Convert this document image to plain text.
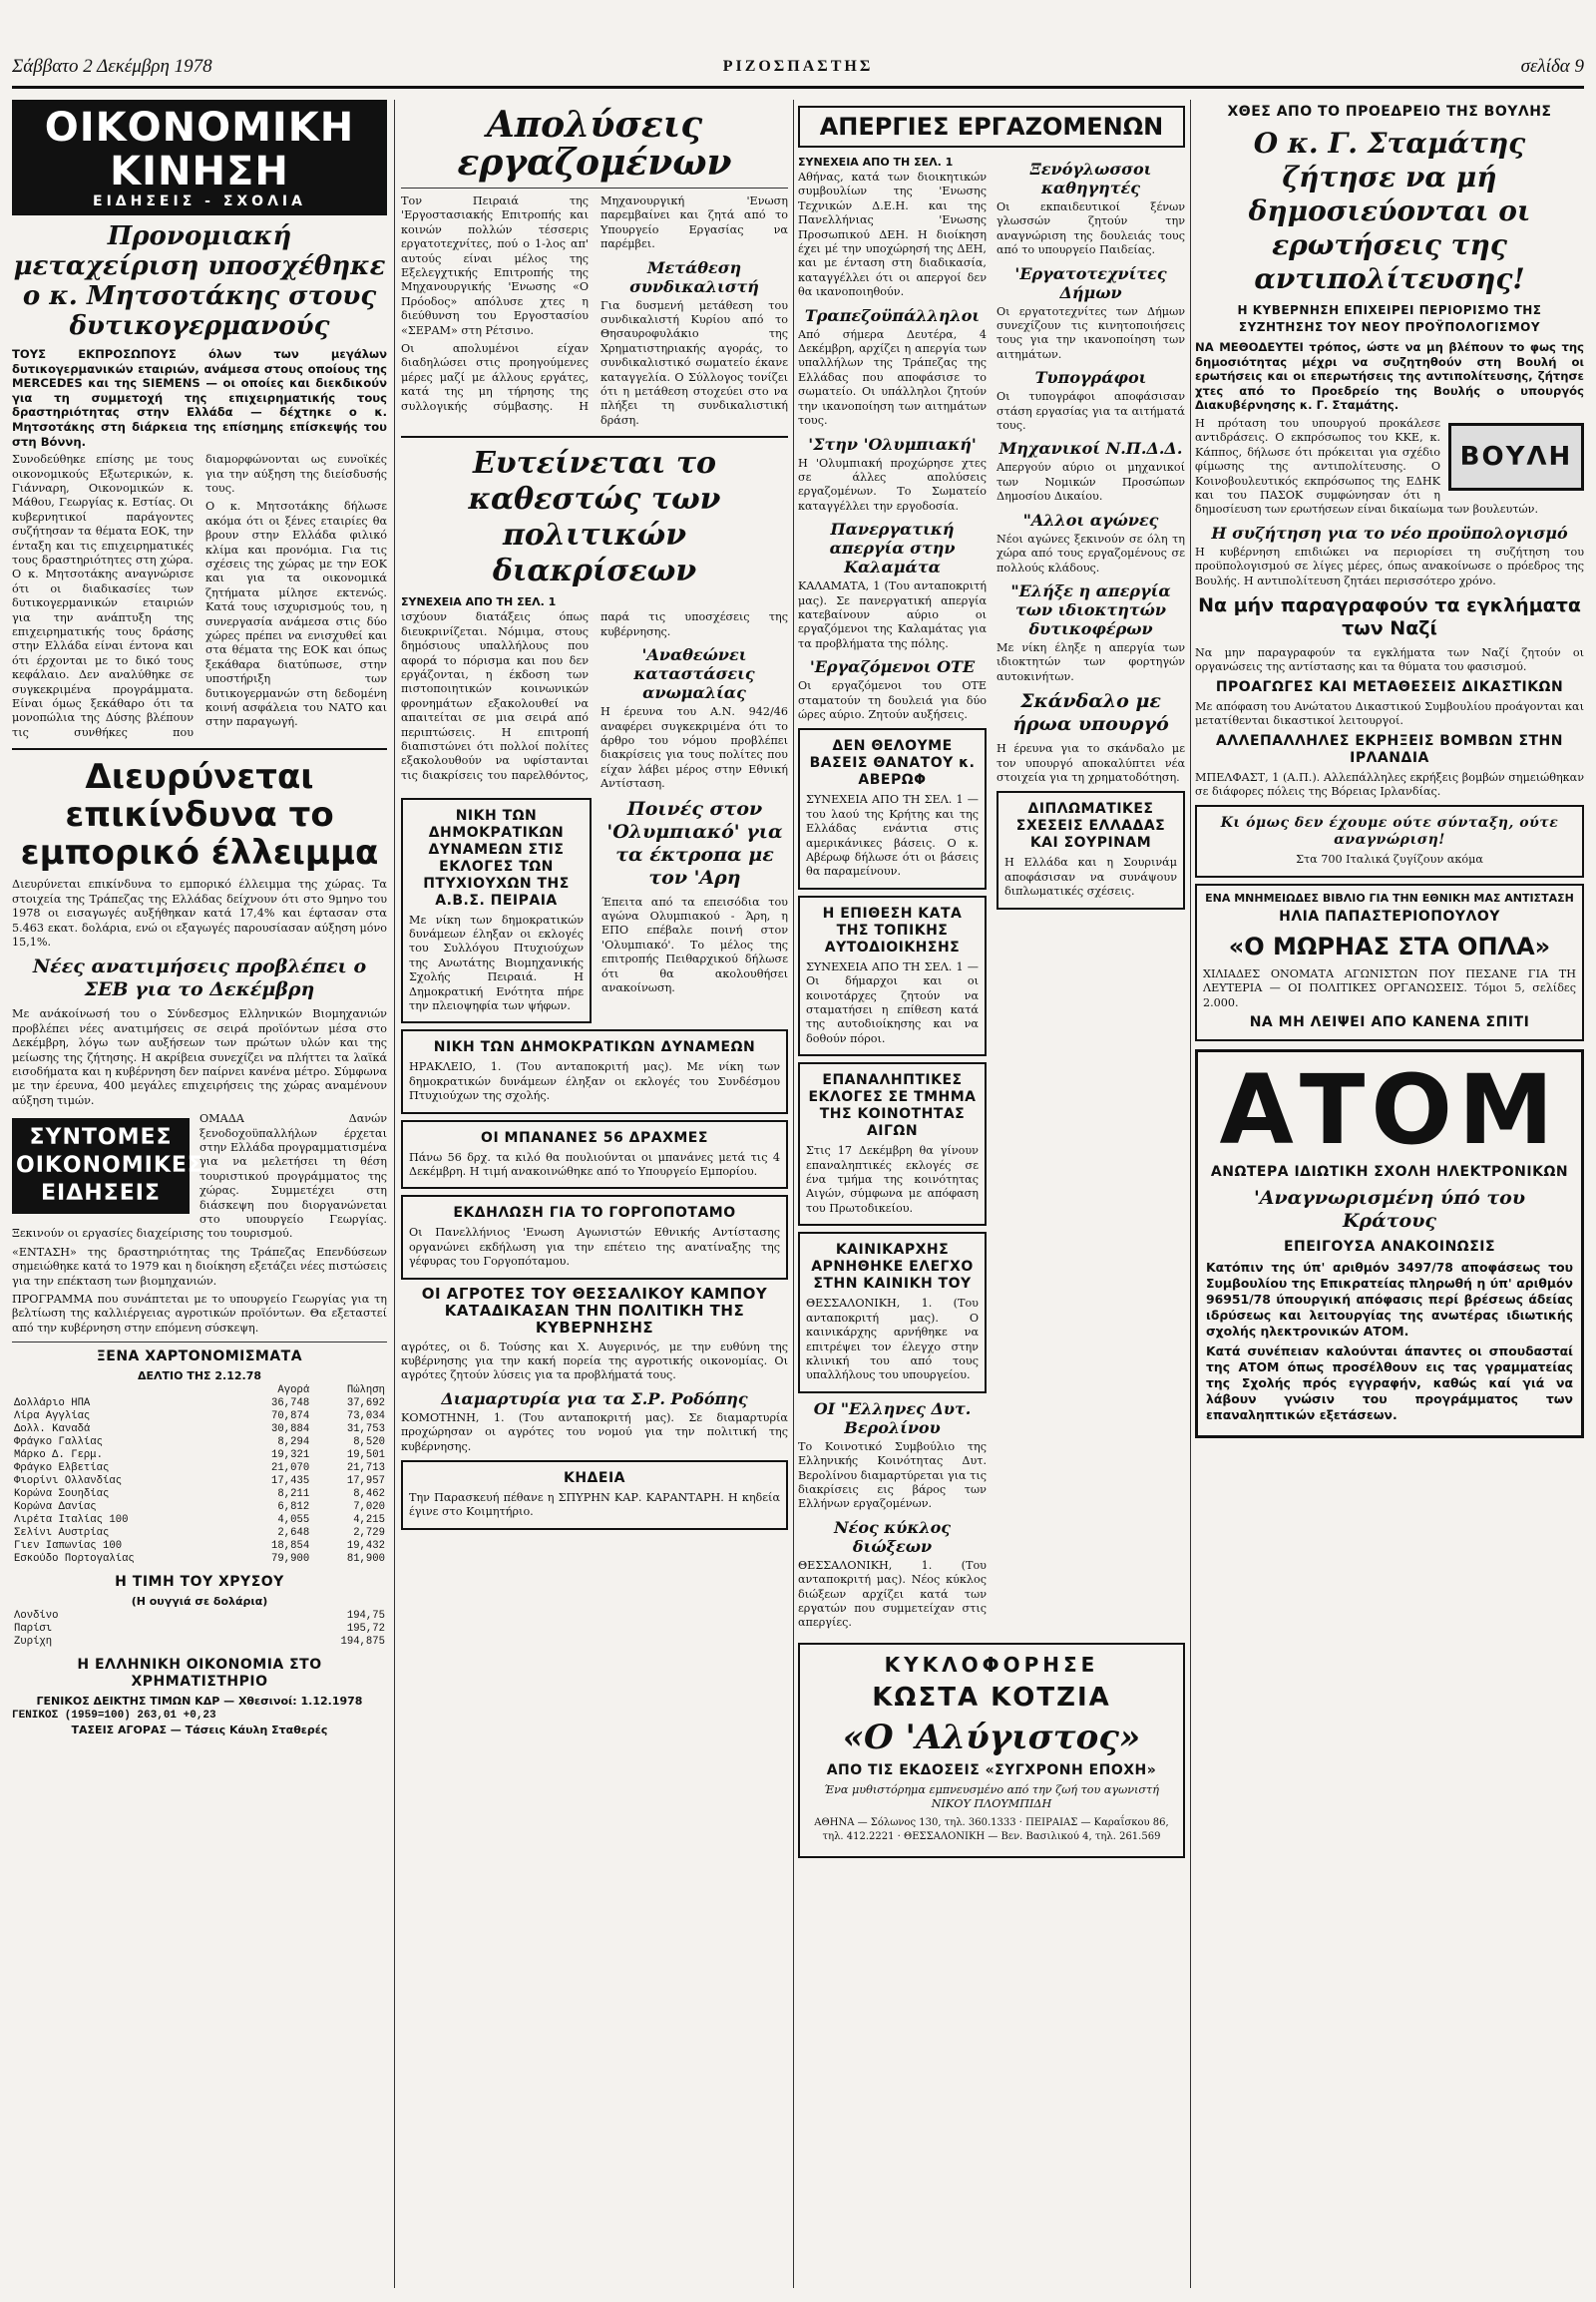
Σάββατο 2 Δεκέμβρη 1978	ΡΙΖΟΣΠΑΣΤΗΣ	σελίδα 9
ΟΙΚΟΝΟΜΙΚΗ ΚΙΝΗΣΗ
ΕΙΔΗΣΕΙΣ - ΣΧΟΛΙΑ
Προνομιακή μεταχείριση υποσχέθηκε ο κ. Μητσοτάκης στους δυτικογερμανούς

ΤΟΥΣ ΕΚΠΡΟΣΩΠΟΥΣ όλων των μεγάλων δυτικογερμανικών εταιριών, ανάμεσα στους οποίους της MERCEDES και της SIEMENS — οι οποίες και διεκδικούν για τη συμμετοχή της επιχειρηματικής τους δραστηριότητας στην Ελλάδα — δέχτηκε ο κ. Μητσοτάκης στη διάρκεια της επίσημης επίσκεψής του στη Βόννη.

Συνοδεύθηκε επίσης με τους οικονομικούς Εξωτερικών, κ. Γιάνναρη, Οικονομικών κ. Μάθου, Γεωργίας κ. Εστίας. Οι κυβερνητικοί παράγοντες συζήτησαν τα θέματα ΕΟΚ, την ένταξη και τις επιχειρηματικές τους δραστηριότητες στη χώρα. Ο κ. Μητσοτάκης αναγνώρισε ότι οι διαδικασίες των δυτικογερμανικών εταιριών για την ανάπτυξη της επιχειρηματικής τους δράσης στην Ελλάδα είναι έντονα και ότι έρχονται με το δικό τους κεφάλαιο. Δεν αναλύθηκε σε συγκεκριμένα προγράμματα. Είναι όμως ξεκάθαρο ότι τα μονοπώλια της Δύσης βλέπουν τις συνθήκες που διαμορφώνονται ως ευνοϊκές για την αύξηση της διείσδυσής τους.

Ο κ. Μητσοτάκης δήλωσε ακόμα ότι οι ξένες εταιρίες θα βρουν στην Ελλάδα φιλικό κλίμα και προνόμια. Για τις σχέσεις της χώρας με την ΕΟΚ και για τα οικονομικά ζητήματα μίλησε εκτενώς. Κατά τους ισχυρισμούς του, η συνεργασία ανάμεσα στις δύο χώρες πρέπει να ενισχυθεί και στα θέματα της ΕΟΚ και όπως ξεκάθαρα διατύπωσε, στην υποστήριξη των δυτικογερμανών στη δεδομένη κοινή ασφάλεια του ΝΑΤΟ και στην παραγωγή.

Διευρύνεται επικίνδυνα το εμπορικό έλλειμμα

Διευρύνεται επικίνδυνα το εμπορικό έλλειμμα της χώρας. Τα στοιχεία της Τράπεζας της Ελλάδας δείχνουν ότι στο 9μηνο του 1978 οι εισαγωγές αυξήθηκαν κατά 17,4% και έφτασαν στα 5.463 εκατ. δολάρια, ενώ οι εξαγωγές παρουσίασαν αύξηση μόνο 15,1%.

Νέες ανατιμήσεις προβλέπει ο ΣΕΒ για το Δεκέμβρη

Με ανάκοίνωσή του ο Σύνδεσμος Ελληνικών Βιομηχανιών προβλέπει νέες ανατιμήσεις σε σειρά προϊόντων μέσα στο Δεκέμβρη, λόγω των αυξήσεων των πρώτων υλών και της μείωσης της ζήτησης. Η ακρίβεια συνεχίζει να πλήττει τα λαϊκά εισοδήματα και η κυβέρνηση δεν παίρνει κανένα μέτρο. Σύμφωνα με την έρευνα, 400 μεγάλες επιχειρήσεις της χώρας αναμένουν αύξηση τιμών.

ΣΥΝΤΟΜΕΣ ΟΙΚΟΝΟΜΙΚΕΣ ΕΙΔΗΣΕΙΣ

ΟΜΑΔΑ Δανών ξενοδοχοϋπαλλήλων έρχεται στην Ελλάδα προγραμματισμένα για να μελετήσει τη θέση τουριστικού προγράμματος της χώρας. Συμμετέχει στη διάσκεψη που διοργανώνεται στο υπουργείο Γεωργίας. Ξεκινούν οι εργασίες διαχείρισης του τουρισμού.

«ΕΝΤΑΣΗ» της δραστηριότητας της Τράπεζας Επενδύσεων σημειώθηκε κατά το 1979 και η διοίκηση εξετάζει νέες πιστώσεις για την επέκταση των βιομηχανιών.

ΠΡΟΓΡΑΜΜΑ που συνάπτεται με το υπουργείο Γεωργίας για τη βελτίωση της καλλιέργειας αγροτικών προϊόντων. Θα εξεταστεί από την κυβέρνηση στην επόμενη σύσκεψη.

ΞΕΝΑ ΧΑΡΤΟΝΟΜΙΣΜΑΤΑ
ΔΕΛΤΙΟ ΤΗΣ 2.12.78
	Αγορά	Πώληση
Δολλάριο ΗΠΑ	36,748	37,692
Λίρα Αγγλίας	70,874	73,034
Δολλ. Καναδά	30,884	31,753
Φράγκο Γαλλίας	8,294	8,520
Μάρκο Δ. Γερμ.	19,321	19,501
Φράγκο Ελβετίας	21,070	21,713
Φιορίνι Ολλανδίας	17,435	17,957
Κορώνα Σουηδίας	8,211	8,462
Κορώνα Δανίας	6,812	7,020
Λιρέτα Ιταλίας 100	4,055	4,215
Σελίνι Αυστρίας	2,648	2,729
Γιεν Ιαπωνίας 100	18,854	19,432
Εσκούδο Πορτογαλίας	79,900	81,900
Η ΤΙΜΗ ΤΟΥ ΧΡΥΣΟΥ
(Η ουγγιά σε δολάρια)
Λονδίνο	194,75
Παρίσι	195,72
Ζυρίχη	194,875
Η ΕΛΛΗΝΙΚΗ ΟΙΚΟΝΟΜΙΑ ΣΤΟ ΧΡΗΜΑΤΙΣΤΗΡΙΟ
ΓΕΝΙΚΟΣ ΔΕΙΚΤΗΣ ΤΙΜΩΝ ΚΔΡ — Χθεσινοί: 1.12.1978
ΓΕΝΙΚΟΣ (1959=100) 263,01 +0,23
ΤΑΣΕΙΣ ΑΓΟΡΑΣ — Τάσεις Κάυλη Σταθερές
Απολύσεις εργαζομένων

Τον Πειραιά της 'Εργοστασιακής Επιτροπής και κοινών πολλών τέσσερις εργατοτεχνίτες, πού ο 1-λος απ' αυτούς είναι μέλος της Εξελεγχτικής Επιτροπής της Μηχανουργικής 'Ενωσης «Ο Πρόοδος» απόλυσε χτες η διεύθυνση του Εργοστασίου «ΣΕΡΑΜ» στη Ρέτσινο.

Οι απολυμένοι είχαν διαδηλώσει στις προηγούμενες μέρες μαζί με άλλους εργάτες, κατά της μη τήρησης της συλλογικής σύμβασης. Η Μηχανουργική 'Ενωση παρεμβαίνει και ζητά από το Υπουργείο Εργασίας να παρέμβει.

Μετάθεση συνδικαλιστή

Για δυσμενή μετάθεση του συνδικαλιστή Κυρίου από το Θησαυροφυλάκιο της Χρηματιστηριακής αγοράς, το συνδικαλιστικό σωματείο έκανε καταγγελία. Ο Σύλλογος τονίζει ότι η μετάθεση στοχεύει στο να πλήξει τη συνδικαλιστική δράση.

Ευτείνεται το καθεστώς των πολιτικών διακρίσεων
ΣΥΝΕΧΕΙΑ ΑΠΟ ΤΗ ΣΕΛ. 1

ισχύουν διατάξεις όπως διευκρινίζεται. Νόμιμα, στους δημόσιους υπαλλήλους που αφορά το πόρισμα και που δεν εργάζονται, η έκδοση των πιστοποιητικών κοινωνικών φρονημάτων εξακολουθεί να απαιτείται σε μια σειρά από περιπτώσεις. Η επιτροπή διαπιστώνει ότι πολλοί πολίτες εξακολουθούν να υφίστανται τις διακρίσεις του παρελθόντος, παρά τις υποσχέσεις της κυβέρνησης.

'Αναθεώνει καταστάσεις ανωμαλίας

Η έρευνα του Α.Ν. 942/46 αναφέρει συγκεκριμένα ότι το άρθρο του νόμου προβλέπει διακρίσεις για τους πολίτες που είχαν λάβει μέρος στην Εθνική Αντίσταση.

ΝΙΚΗ ΤΩΝ ΔΗΜΟΚΡΑΤΙΚΩΝ ΔΥΝΑΜΕΩΝ ΣΤΙΣ ΕΚΛΟΓΕΣ ΤΩΝ ΠΤΥΧΙΟΥΧΩΝ ΤΗΣ Α.Β.Σ. ΠΕΙΡΑΙΑ

Με νίκη των δημοκρατικών δυνάμεων έληξαν οι εκλογές του Συλλόγου Πτυχιούχων της Ανωτάτης Βιομηχανικής Σχολής Πειραιά. Η Δημοκρατική Ενότητα πήρε την πλειοψηφία των ψήφων.

Ποινές στον 'Ολυμπιακό' για τα έκτροπα με τον 'Αρη

Έπειτα από τα επεισόδια του αγώνα Ολυμπιακού - Άρη, η ΕΠΟ επέβαλε ποινή στον 'Ολυμπιακό'. Το μέλος της επιτροπής Πειθαρχικού δήλωσε ότι θα ακολουθήσει ανακοίνωση.

ΝΙΚΗ ΤΩΝ ΔΗΜΟΚΡΑΤΙΚΩΝ ΔΥΝΑΜΕΩΝ

ΗΡΑΚΛΕΙΟ, 1. (Του ανταποκριτή μας). Με νίκη των δημοκρατικών δυνάμεων έληξαν οι εκλογές του Συνδέσμου Πτυχιούχων της σχολής.

ΟΙ ΜΠΑΝΑΝΕΣ 56 ΔΡΑΧΜΕΣ

Πάνω 56 δρχ. τα κιλό θα πουλιούνται οι μπανάνες μετά τις 4 Δεκέμβρη. Η τιμή ανακοινώθηκε από το Υπουργείο Εμπορίου.

ΕΚΔΗΛΩΣΗ ΓΙΑ ΤΟ ΓΟΡΓΟΠΟΤΑΜΟ

Οι Πανελλήνιος 'Ενωση Αγωνιστών Εθνικής Αντίστασης οργανώνει εκδήλωση για την επέτειο της ανατίναξης της γέφυρας του Γοργοπόταμου.

ΟΙ ΑΓΡΟΤΕΣ ΤΟΥ ΘΕΣΣΑΛΙΚΟΥ ΚΑΜΠΟΥ ΚΑΤΑΔΙΚΑΣΑΝ ΤΗΝ ΠΟΛΙΤΙΚΗ ΤΗΣ ΚΥΒΕΡΝΗΣΗΣ

αγρότες, οι δ. Τούσης και Χ. Αυγερινός, με την ευθύνη της κυβέρνησης για την κακή πορεία της αγροτικής οικονομίας. Οι αγρότες ζητούν λύσεις για τα προβλήματά τους.

Διαμαρτυρία για τα Σ.Ρ. Ροδόπης

ΚΟΜΟΤΗΝΗ, 1. (Του ανταποκριτή μας). Σε διαμαρτυρία προχώρησαν οι αγρότες του νομού για την πολιτική της κυβέρνησης.

ΚΗΔΕΙΑ

Την Παρασκευή πέθανε η ΣΠΥΡΗΝ ΚΑΡ. ΚΑΡΑΝΤΑΡΗ. Η κηδεία έγινε στο Κοιμητήριο.

ΑΠΕΡΓΙΕΣ ΕΡΓΑΖΟΜΕΝΩΝ
ΣΥΝΕΧΕΙΑ ΑΠΟ ΤΗ ΣΕΛ. 1

Αθήνας, κατά των διοικητικών συμβουλίων της 'Ενωσης Τεχνικών Δ.Ε.Η. και της Πανελλήνιας 'Ενωσης Προσωπικού ΔΕΗ. Η διοίκηση έχει μέ την υποχώρησή της ΔΕΗ, και με ένταση στη διαδικασία, καταγγέλλει ότι οι απεργοί δεν θα ικανοποιηθούν.

Τραπεζοϋπάλληλοι

Από σήμερα Δευτέρα, 4 Δεκέμβρη, αρχίζει η απεργία των υπαλλήλων της Τράπεζας της Ελλάδας που αποφάσισε το σωματείο. Οι υπάλληλοι ζητούν την ικανοποίηση των αιτημάτων τους.

'Στην 'Ολυμπιακή'

Η 'Ολυμπιακή προχώρησε χτες σε άλλες απολύσεις εργαζομένων. Το Σωματείο καταγγέλλει την εργοδοσία.

Πανεργατική απεργία στην Καλαμάτα

ΚΑΛΑΜΑΤΑ, 1 (Του ανταποκριτή μας). Σε πανεργατική απεργία κατεβαίνουν αύριο οι εργαζόμενοι της Καλαμάτας για τα προβλήματα της πόλης.

'Εργαζόμενοι ΟΤΕ

Οι εργαζόμενοι του ΟΤΕ σταματούν τη δουλειά για δύο ώρες αύριο. Ζητούν αυξήσεις.

ΔΕΝ ΘΕΛΟΥΜΕ ΒΑΣΕΙΣ ΘΑΝΑΤΟΥ κ. ΑΒΕΡΩΦ

ΣΥΝΕΧΕΙΑ ΑΠΟ ΤΗ ΣΕΛ. 1 — του λαού της Κρήτης και της Ελλάδας ενάντια στις αμερικάνικες βάσεις. Ο κ. Αβέρωφ δήλωσε ότι οι βάσεις θα παραμείνουν.

Η ΕΠΙΘΕΣΗ ΚΑΤΑ ΤΗΣ ΤΟΠΙΚΗΣ ΑΥΤΟΔΙΟΙΚΗΣΗΣ

ΣΥΝΕΧΕΙΑ ΑΠΟ ΤΗ ΣΕΛ. 1 — Οι δήμαρχοι και οι κοινοτάρχες ζητούν να σταματήσει η επίθεση κατά της αυτοδιοίκησης και να δοθούν πόροι.

ΕΠΑΝΑΛΗΠΤΙΚΕΣ ΕΚΛΟΓΕΣ ΣΕ ΤΜΗΜΑ ΤΗΣ ΚΟΙΝΟΤΗΤΑΣ ΑΙΓΩΝ

Στις 17 Δεκέμβρη θα γίνουν επαναληπτικές εκλογές σε ένα τμήμα της κοινότητας Αιγών, σύμφωνα με απόφαση του Πρωτοδικείου.

ΚΑΙΝΙΚΑΡΧΗΣ ΑΡΝΗΘΗΚΕ ΕΛΕΓΧΟ ΣΤΗΝ ΚΑΙΝΙΚΗ ΤΟΥ

ΘΕΣΣΑΛΟΝΙΚΗ, 1. (Του ανταποκριτή μας). Ο καινικάρχης αρνήθηκε να επιτρέψει τον έλεγχο στην κλινική του από τους υπαλλήλους του υπουργείου.

ΟΙ "Ελληνες Δυτ. Βερολίνου

Το Κοινοτικό Συμβούλιο της Ελληνικής Κοινότητας Δυτ. Βερολίνου διαμαρτύρεται για τις διακρίσεις εις βάρος των Ελλήνων εργαζομένων.

Νέος κύκλος διώξεων

ΘΕΣΣΑΛΟΝΙΚΗ, 1. (Του ανταποκριτή μας). Νέος κύκλος διώξεων αρχίζει κατά των εργατών που συμμετείχαν στις απεργίες.

Ξενόγλωσσοι καθηγητές

Οι εκπαιδευτικοί ξένων γλωσσών ζητούν την αναγνώριση της δουλειάς τους από το υπουργείο Παιδείας.

'Εργατοτεχνίτες Δήμων

Οι εργατοτεχνίτες των Δήμων συνεχίζουν τις κινητοποιήσεις τους για την ικανοποίηση των αιτημάτων.

Τυπογράφοι

Οι τυπογράφοι αποφάσισαν στάση εργασίας για τα αιτήματά τους.

Μηχανικοί Ν.Π.Δ.Δ.

Απεργούν αύριο οι μηχανικοί των Νομικών Προσώπων Δημοσίου Δικαίου.

"Αλλοι αγώνες

Νέοι αγώνες ξεκινούν σε όλη τη χώρα από τους εργαζομένους σε πολλούς κλάδους.

"Ελήξε η απεργία των ιδιοκτητών δυτικοφέρων

Με νίκη έληξε η απεργία των ιδιοκτητών των φορτηγών αυτοκινήτων.

Σκάνδαλο με ήρωα υπουργό

Η έρευνα για το σκάνδαλο με τον υπουργό αποκαλύπτει νέα στοιχεία για τη χρηματοδότηση.

ΔΙΠΛΩΜΑΤΙΚΕΣ ΣΧΕΣΕΙΣ ΕΛΛΑΔΑΣ ΚΑΙ ΣΟΥΡΙΝΑΜ

Η Ελλάδα και η Σουρινάμ αποφάσισαν να συνάψουν διπλωματικές σχέσεις.

ΚΥΚΛΟΦΟΡΗΣΕ
ΚΩΣΤΑ ΚΟΤΖΙΑ
«Ο 'Αλύγιστος»
ΑΠΟ ΤΙΣ ΕΚΔΟΣΕΙΣ «ΣΥΓΧΡΟΝΗ ΕΠΟΧΗ»

Ένα μυθιστόρημα εμπνευσμένο από την ζωή του αγωνιστή ΝΙΚΟΥ ΠΛΟΥΜΠΙΔΗ

ΑΘΗΝΑ — Σόλωνος 130, τηλ. 360.1333 · ΠΕΙΡΑΙΑΣ — Καραΐσκου 86, τηλ. 412.2221 · ΘΕΣΣΑΛΟΝΙΚΗ — Βεν. Βασιλικού 4, τηλ. 261.569

ΧΘΕΣ ΑΠΟ ΤΟ ΠΡΟΕΔΡΕΙΟ ΤΗΣ ΒΟΥΛΗΣ
Ο κ. Γ. Σταμάτης ζήτησε να μή δημοσιεύονται οι ερωτήσεις της αντιπολίτευσης!
Η ΚΥΒΕΡΝΗΣΗ ΕΠΙΧΕΙΡΕΙ ΠΕΡΙΟΡΙΣΜΟ ΤΗΣ ΣΥΖΗΤΗΣΗΣ ΤΟΥ ΝΕΟΥ ΠΡΟΫΠΟΛΟΓΙΣΜΟΥ

ΝΑ ΜΕΘΟΔΕΥΤΕΙ τρόπος, ώστε να μη βλέπουν το φως της δημοσιότητας μέχρι να συζητηθούν στη Βουλή οι ερωτήσεις και οι επερωτήσεις της αντιπολίτευσης, ζήτησε χτες από το Προεδρείο της Βουλής ο υπουργός Διακυβέρνησης κ. Γ. Σταμάτης.

ΒΟΥΛΗ

Η πρόταση του υπουργού προκάλεσε αντιδράσεις. Ο εκπρόσωπος του ΚΚΕ, κ. Κάππος, δήλωσε ότι πρόκειται για σχέδιο φίμωσης της αντιπολίτευσης. Ο Κοινοβουλευτικός εκπρόσωπος της ΕΔΗΚ και του ΠΑΣΟΚ συμφώνησαν ότι η δημοσίευση των ερωτήσεων είναι δικαίωμα των βουλευτών.

Η συζήτηση για το νέο προϋπολογισμό

Η κυβέρνηση επιδιώκει να περιορίσει τη συζήτηση του προϋπολογισμού σε λίγες μέρες, όπως ανακοίνωσε ο πρόεδρος της Βουλής. Η αντιπολίτευση ζητάει περισσότερο χρόνο.

Να μήν παραγραφούν τα εγκλήματα των Ναζί

Να μην παραγραφούν τα εγκλήματα των Ναζί ζητούν οι οργανώσεις της αντίστασης και τα θύματα του φασισμού.

ΠΡΟΑΓΩΓΕΣ ΚΑΙ ΜΕΤΑΘΕΣΕΙΣ ΔΙΚΑΣΤΙΚΩΝ

Με απόφαση του Ανώτατου Δικαστικού Συμβουλίου προάγονται και μετατίθενται δικαστικοί λειτουργοί.

ΑΛΛΕΠΑΛΛΗΛΕΣ ΕΚΡΗΞΕΙΣ ΒΟΜΒΩΝ ΣΤΗΝ ΙΡΛΑΝΔΙΑ

ΜΠΕΛΦΑΣΤ, 1 (Α.Π.). Αλλεπάλληλες εκρήξεις βομβών σημειώθηκαν σε διάφορες πόλεις της Βόρειας Ιρλανδίας.

Κι όμως δεν έχουμε ούτε σύνταξη, ούτε αναγνώριση!

Στα 700 Ιταλικά ζυγίζουν ακόμα

ΕΝΑ ΜΝΗΜΕΙΩΔΕΣ ΒΙΒΛΙΟ ΓΙΑ ΤΗΝ ΕΘΝΙΚΗ ΜΑΣ ΑΝΤΙΣΤΑΣΗ
ΗΛΙΑ ΠΑΠΑΣΤΕΡΙΟΠΟΥΛΟΥ
«Ο ΜΩΡΗΑΣ ΣΤΑ ΟΠΛΑ»

ΧΙΛΙΑΔΕΣ ΟΝΟΜΑΤΑ ΑΓΩΝΙΣΤΩΝ ΠΟΥ ΠΕΣΑΝΕ ΓΙΑ ΤΗ ΛΕΥΤΕΡΙΑ — ΟΙ ΠΟΛΙΤΙΚΕΣ ΟΡΓΑΝΩΣΕΙΣ. Τόμοι 5, σελίδες 2.000.

ΝΑ ΜΗ ΛΕΙΨΕΙ ΑΠΟ ΚΑΝΕΝΑ ΣΠΙΤΙ
ΑΤΟΜ
ΑΝΩΤΕΡΑ ΙΔΙΩΤΙΚΗ ΣΧΟΛΗ ΗΛΕΚΤΡΟΝΙΚΩΝ
'Αναγνωρισμένη ύπό του Κράτους
ΕΠΕΙΓΟΥΣΑ ΑΝΑΚΟΙΝΩΣΙΣ

Κατόπιν της ύπ' αριθμόν 3497/78 αποφάσεως του Συμβουλίου της Επικρατείας πληρωθή η ύπ' αριθμόν 96951/78 ύπουργική απόφασις περί βρέσεως άδείας ιδρύσεως και λειτουργίας της ανωτέρας ιδιωτικής σχολής ηλεκτρονικών ΑΤΟΜ.

Κατά συνέπειαν καλούνται άπαντες οι σπουδασταί της ΑΤΟΜ όπως προσέλθουν εις τας γραμματείας της Σχολής πρός εγγραφήν, καθώς καί γιά να λάβουν γνώσιν του προγράμματος των επαναληπτικών εξετάσεων.
